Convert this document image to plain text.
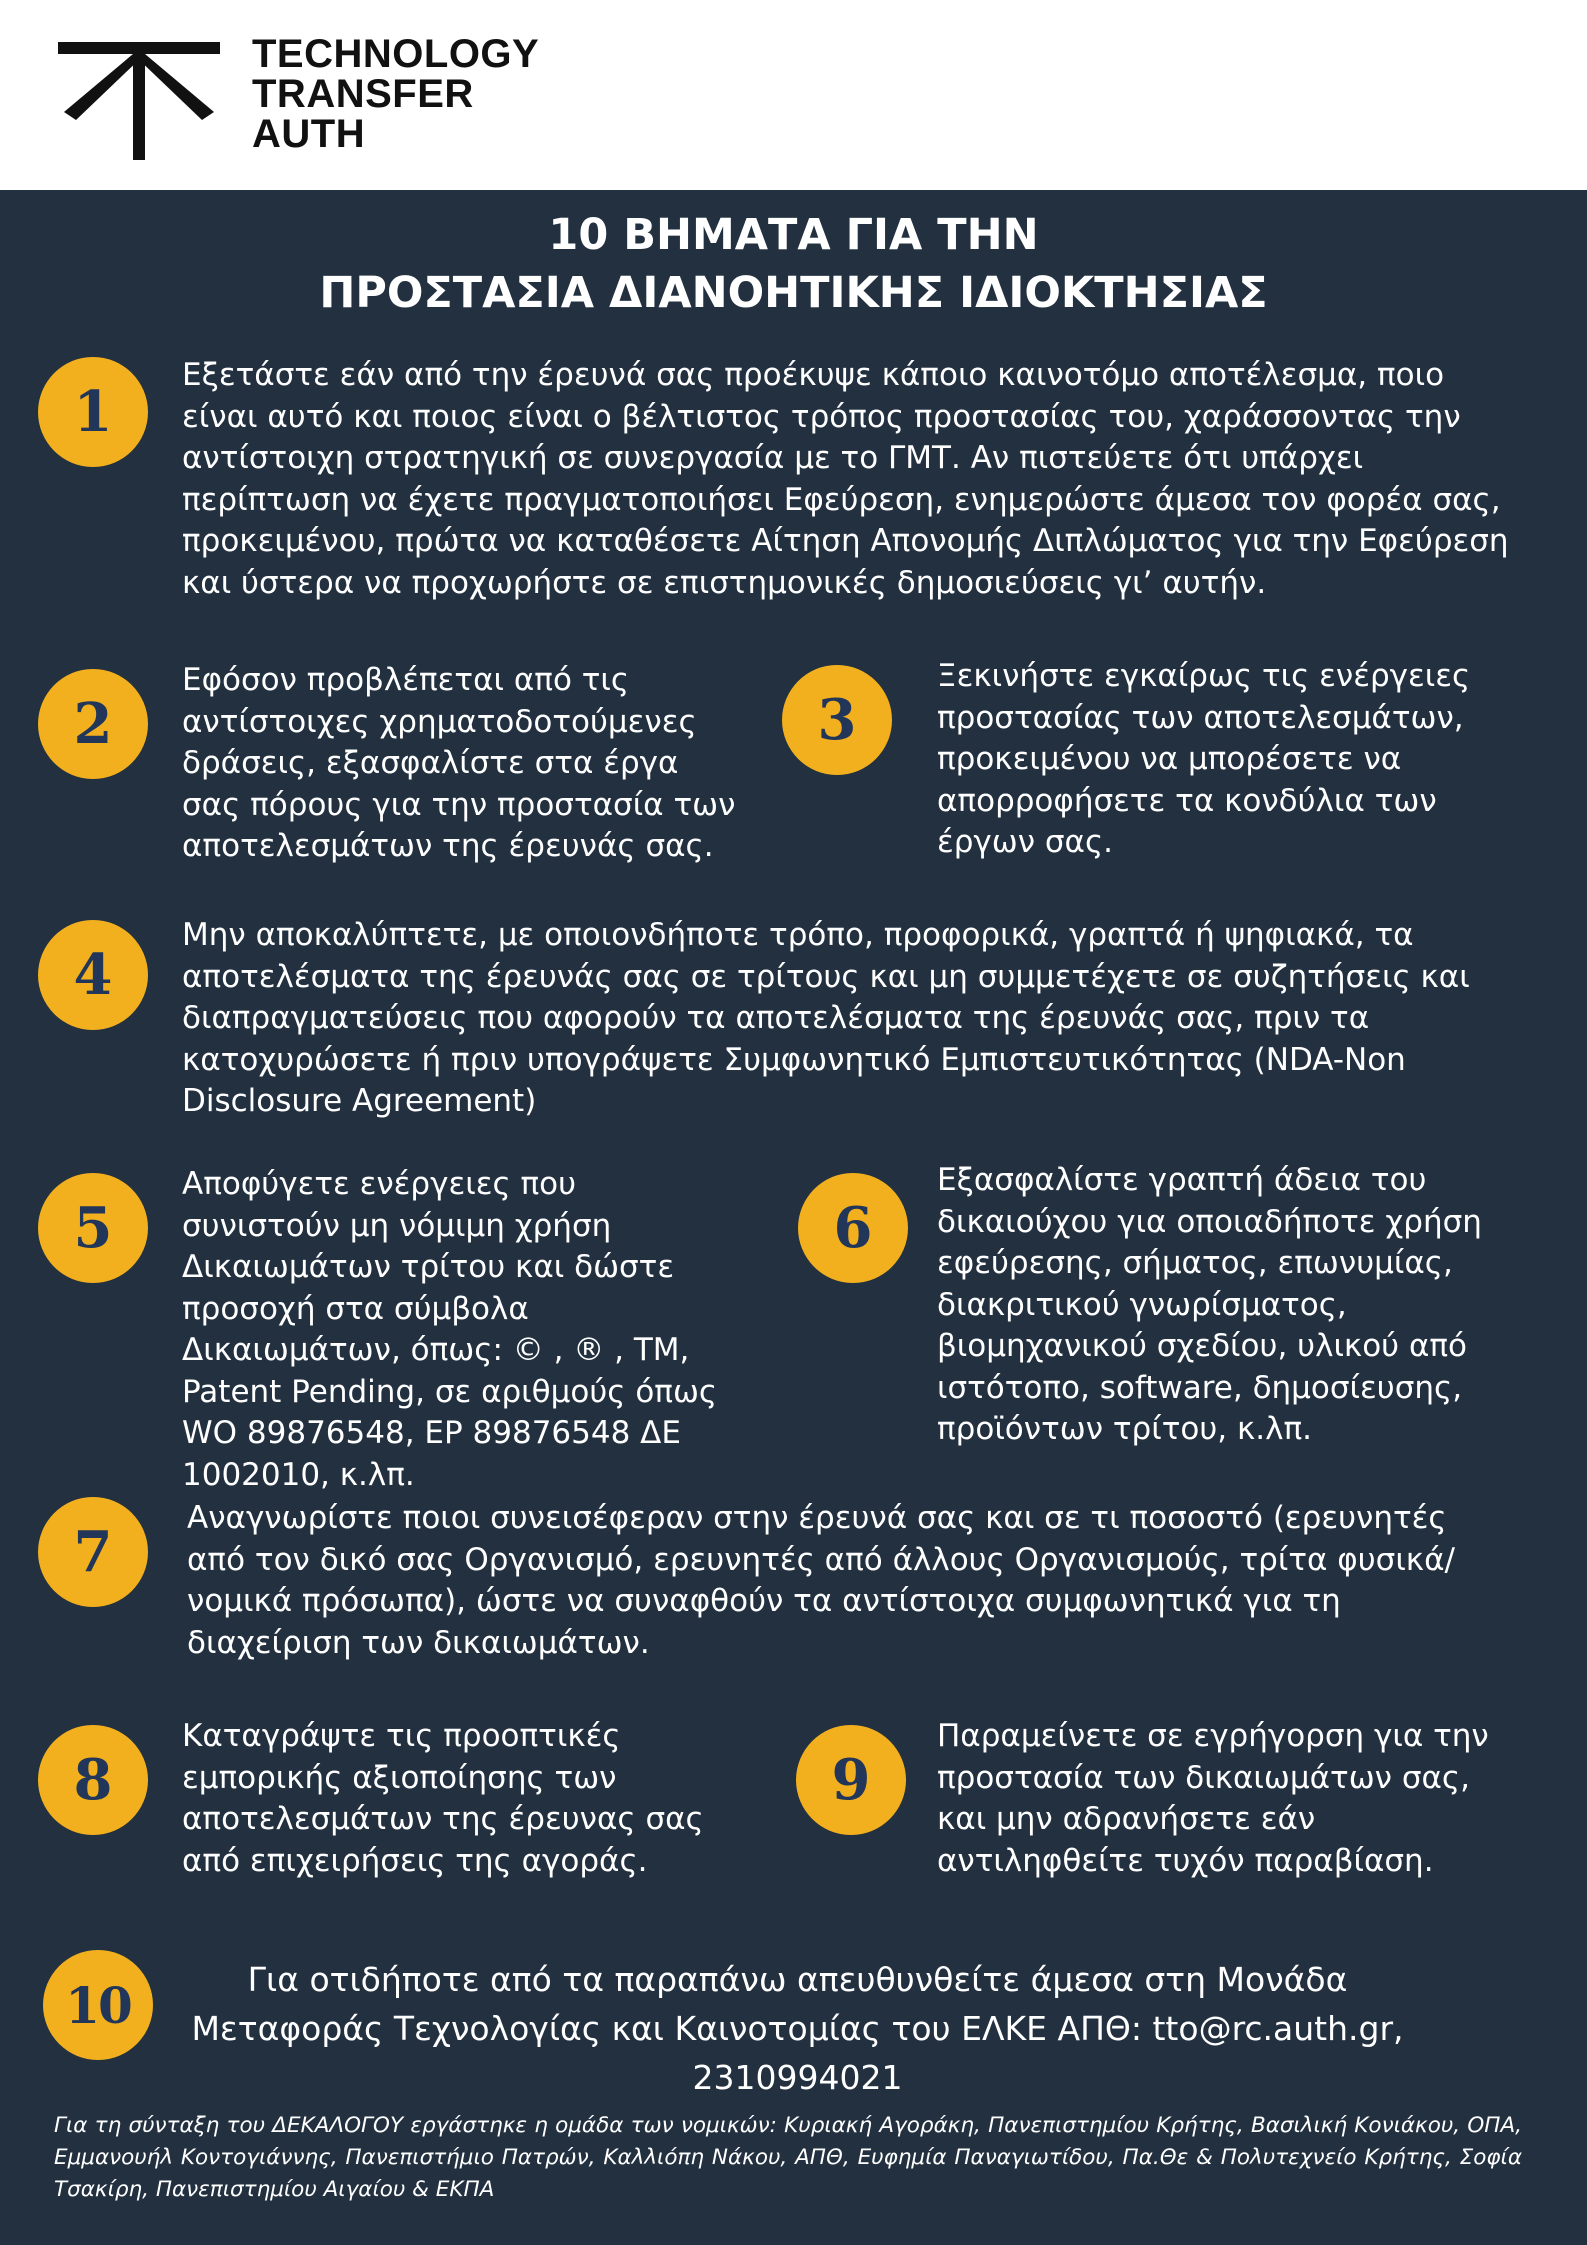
TECHNOLOGY
TRANSFER
AUTH
10 ΒΗΜΑΤΑ ΓΙΑ ΤΗΝ
ΠΡΟΣΤΑΣΙΑ ΔΙΑΝΟΗΤΙΚΗΣ ΙΔΙΟΚΤΗΣΙΑΣ
1
Εξετάστε εάν από την έρευνά σας προέκυψε κάποιο καινοτόμο αποτέλεσμα, ποιο είναι αυτό και ποιος είναι ο βέλτιστος τρόπος προστασίας του, χαράσσοντας την αντίστοιχη στρατηγική σε συνεργασία με το ΓΜΤ. Αν πιστεύετε ότι υπάρχει περίπτωση να έχετε πραγματοποιήσει Εφεύρεση, ενημερώστε άμεσα τον φορέα σας, προκειμένου, πρώτα να καταθέσετε Αίτηση Απονομής Διπλώματος για την Εφεύρεση και ύστερα να προχωρήστε σε επιστημονικές δημοσιεύσεις γι’ αυτήν.
2
Εφόσον προβλέπεται από τις αντίστοιχες χρηματοδοτούμενες δράσεις, εξασφαλίστε στα έργα σας πόρους για την προστασία των αποτελεσμάτων της έρευνάς σας.
3
Ξεκινήστε εγκαίρως τις ενέργειες προστασίας των αποτελεσμάτων, προκειμένου να μπορέσετε να απορροφήσετε τα κονδύλια των έργων σας.
4
Μην αποκαλύπτετε, με οποιονδήποτε τρόπο, προφορικά, γραπτά ή ψηφιακά, τα αποτελέσματα της έρευνάς σας σε τρίτους και μη συμμετέχετε σε συζητήσεις και διαπραγματεύσεις που αφορούν τα αποτελέσματα της έρευνάς σας, πριν τα κατοχυρώσετε ή πριν υπογράψετε Συμφωνητικό Εμπιστευτικότητας (NDA-Non Disclosure Agreement)
5
Αποφύγετε ενέργειες που συνιστούν μη νόμιμη χρήση Δικαιωμάτων τρίτου και δώστε προσοχή στα σύμβολα Δικαιωμάτων, όπως: © , ® , TM, Patent Pending, σε αριθμούς όπως WO 89876548, EP 89876548 ΔΕ 1002010, κ.λπ.
6
Εξασφαλίστε γραπτή άδεια του δικαιούχου για οποιαδήποτε χρήση εφεύρεσης, σήματος, επωνυμίας, διακριτικού γνωρίσματος, βιομηχανικού σχεδίου, υλικού από ιστότοπο, software, δημοσίευσης, προϊόντων τρίτου, κ.λπ.
7
Αναγνωρίστε ποιοι συνεισέφεραν στην έρευνά σας και σε τι ποσοστό (ερευνητές από τον δικό σας Οργανισμό, ερευνητές από άλλους Οργανισμούς, τρίτα φυσικά/νομικά πρόσωπα), ώστε να συναφθούν τα αντίστοιχα συμφωνητικά για τη διαχείριση των δικαιωμάτων.
8
Καταγράψτε τις προοπτικές εμπορικής αξιοποίησης των αποτελεσμάτων της έρευνας σας από επιχειρήσεις της αγοράς.
9
Παραμείνετε σε εγρήγορση για την προστασία των δικαιωμάτων σας, και μην αδρανήσετε εάν αντιληφθείτε τυχόν παραβίαση.
10	Για οτιδήποτε από τα παραπάνω απευθυνθείτε άμεσα στη Μονάδα Μεταφοράς Τεχνολογίας και Καινοτομίας του ΕΛΚΕ ΑΠΘ: tto@rc.auth.gr, 2310994021
Για τη σύνταξη του ΔΕΚΑΛΟΓΟΥ εργάστηκε η ομάδα των νομικών: Κυριακή Αγοράκη, Πανεπιστημίου Κρήτης, Βασιλική Κονιάκου, ΟΠΑ, Εμμανουήλ Κοντογιάννης, Πανεπιστήμιο Πατρών, Καλλιόπη Νάκου, ΑΠΘ, Ευφημία Παναγιωτίδου, Πα.Θε & Πολυτεχνείο Κρήτης, Σοφία Τσακίρη, Πανεπιστημίου Αιγαίου & ΕΚΠΑ
